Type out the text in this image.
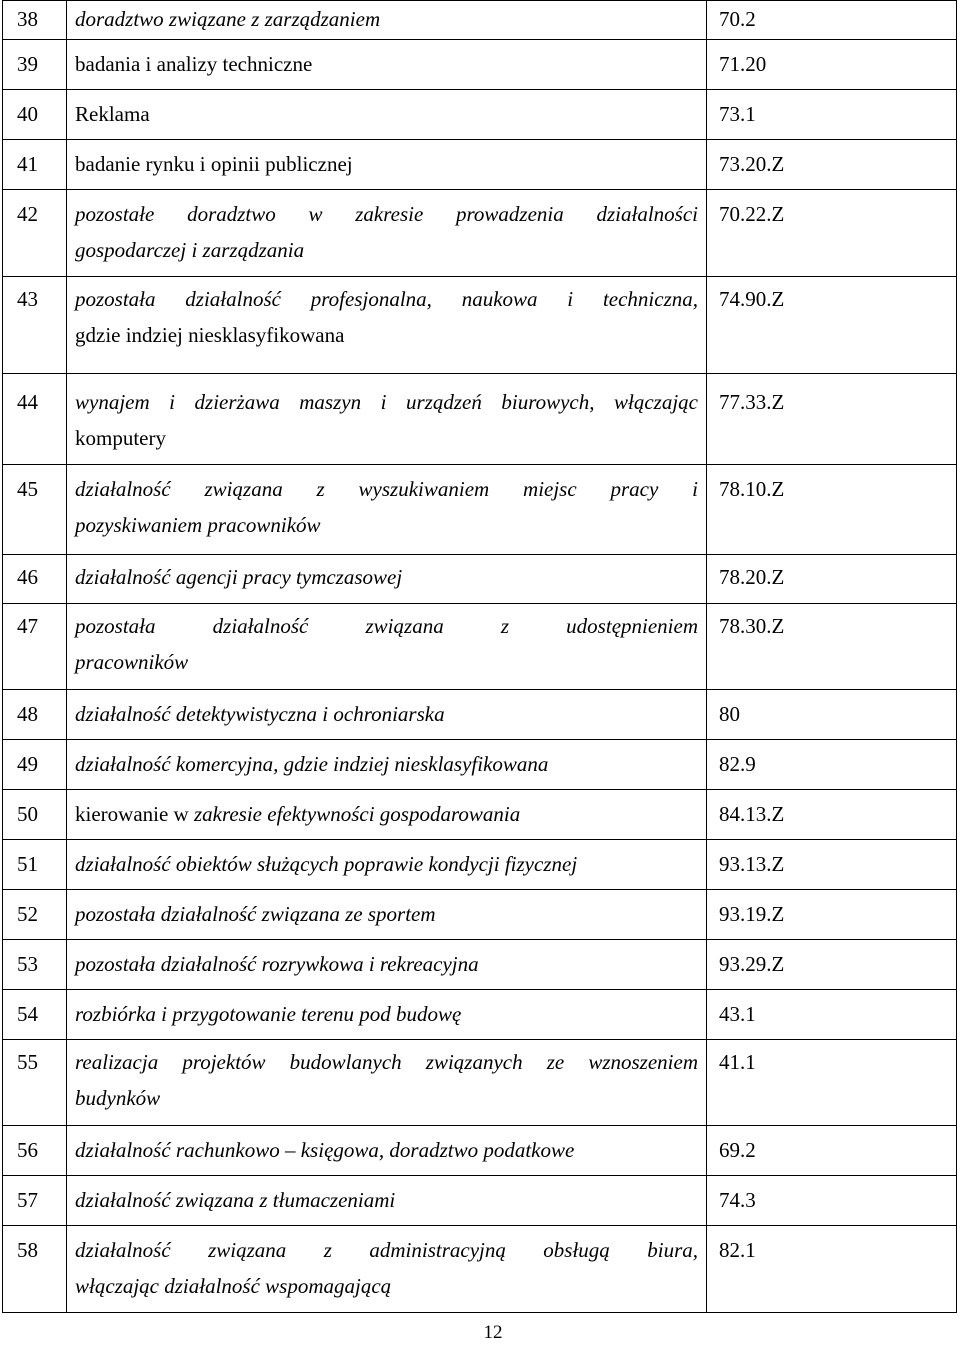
38	doradztwo związane z zarządzaniem	70.2
39	badania i analizy techniczne	71.20
40	Reklama	73.1
41	badanie rynku i opinii publicznej	73.20.Z
42	pozostałe doradztwo w zakresie prowadzenia działalności
gospodarczej i zarządzania	70.22.Z
43	pozostała działalność profesjonalna, naukowa i techniczna,
gdzie indziej niesklasyfikowana	74.90.Z
44	wynajem i dzierżawa maszyn i urządzeń biurowych, włączając
komputery	77.33.Z
45	działalność związana z wyszukiwaniem miejsc pracy i
pozyskiwaniem pracowników	78.10.Z
46	działalność agencji pracy tymczasowej	78.20.Z
47	pozostała działalność związana z udostępnieniem
pracowników	78.30.Z
48	działalność detektywistyczna i ochroniarska	80
49	działalność komercyjna, gdzie indziej niesklasyfikowana	82.9
50	kierowanie w zakresie efektywności gospodarowania	84.13.Z
51	działalność obiektów służących poprawie kondycji fizycznej	93.13.Z
52	pozostała działalność związana ze sportem	93.19.Z
53	pozostała działalność rozrywkowa i rekreacyjna	93.29.Z
54	rozbiórka i przygotowanie terenu pod budowę	43.1
55	realizacja projektów budowlanych związanych ze wznoszeniem
budynków	41.1
56	działalność rachunkowo – księgowa, doradztwo podatkowe	69.2
57	działalność związana z tłumaczeniami	74.3
58	działalność związana z administracyjną obsługą biura,
włączając działalność wspomagającą	82.1
12
